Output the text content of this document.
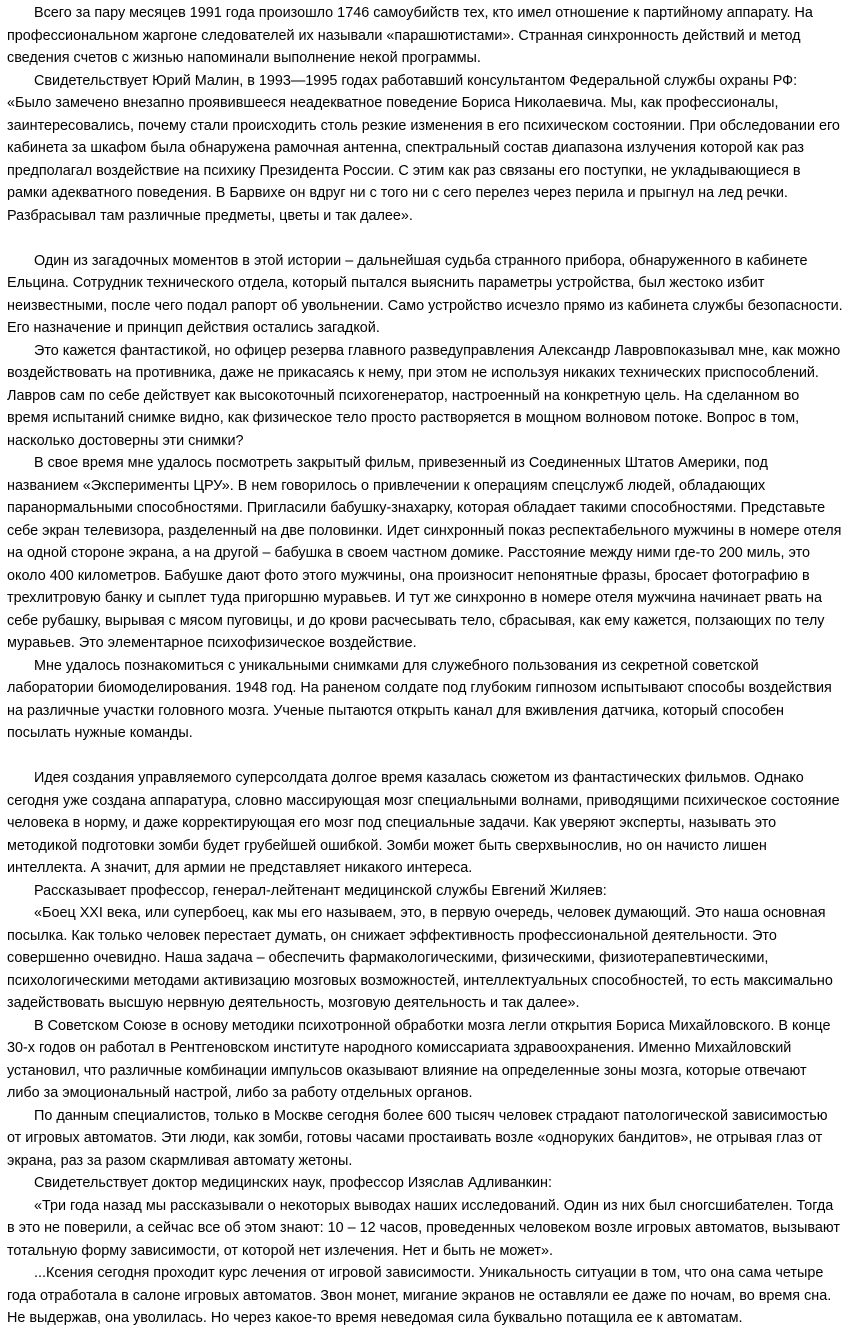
Всего за пару месяцев 1991 года произошло 1746 самоубийств тех, кто имел отношение к партийному аппарату. На профессиональном жаргоне следователей их называли «парашютистами». Странная синхронность действий и метод сведения счетов с жизнью напоминали выполнение некой программы.

Свидетельствует Юрий Малин, в 1993—1995 годах работавший консультантом Федеральной службы охраны РФ: «Было замечено внезапно проявившееся неадекватное поведение Бориса Николаевича. Мы, как профессионалы, заинтересовались, почему стали происходить столь резкие изменения в его психическом состоянии. При обследовании его кабинета за шкафом была обнаружена рамочная антенна, спектральный состав диапазона излучения которой как раз предполагал воздействие на психику Президента России. С этим как раз связаны его поступки, не укладывающиеся в рамки адекватного поведения. В Барвихе он вдруг ни с того ни с сего перелез через перила и прыгнул на лед речки. Разбрасывал там различные предметы, цветы и так далее».

Один из загадочных моментов в этой истории – дальнейшая судьба странного прибора, обнаруженного в кабинете Ельцина. Сотрудник технического отдела, который пытался выяснить параметры устройства, был жестоко избит неизвестными, после чего подал рапорт об увольнении. Само устройство исчезло прямо из кабинета службы безопасности. Его назначение и принцип действия остались загадкой.

Это кажется фантастикой, но офицер резерва главного разведуправления Александр Лавровпоказывал мне, как можно воздействовать на противника, даже не прикасаясь к нему, при этом не используя никаких технических приспособлений. Лавров сам по себе действует как высокоточный психогенератор, настроенный на конкретную цель. На сделанном во время испытаний снимке видно, как физическое тело просто растворяется в мощном волновом потоке. Вопрос в том, насколько достоверны эти снимки?

В свое время мне удалось посмотреть закрытый фильм, привезенный из Соединенных Штатов Америки, под названием «Эксперименты ЦРУ». В нем говорилось о привлечении к операциям спецслужб людей, обладающих паранормальными способностями. Пригласили бабушку-знахарку, которая обладает такими способностями. Представьте себе экран телевизора, разделенный на две половинки. Идет синхронный показ респектабельного мужчины в номере отеля на одной стороне экрана, а на другой – бабушка в своем частном домике. Расстояние между ними где-то 200 миль, это около 400 километров. Бабушке дают фото этого мужчины, она произносит непонятные фразы, бросает фотографию в трехлитровую банку и сыплет туда пригоршню муравьев. И тут же синхронно в номере отеля мужчина начинает рвать на себе рубашку, вырывая с мясом пуговицы, и до крови расчесывать тело, сбрасывая, как ему кажется, ползающих по телу муравьев. Это элементарное психофизическое воздействие.

Мне удалось познакомиться с уникальными снимками для служебного пользования из секретной советской лаборатории биомоделирования. 1948 год. На раненом солдате под глубоким гипнозом испытывают способы воздействия на различные участки головного мозга. Ученые пытаются открыть канал для вживления датчика, который способен посылать нужные команды.

Идея создания управляемого суперсолдата долгое время казалась сюжетом из фантастических фильмов. Однако сегодня уже создана аппаратура, словно массирующая мозг специальными волнами, приводящими психическое состояние человека в норму, и даже корректирующая его мозг под специальные задачи. Как уверяют эксперты, называть это методикой подготовки зомби будет грубейшей ошибкой. Зомби может быть сверхвынослив, но он начисто лишен интеллекта. А значит, для армии не представляет никакого интереса.

Рассказывает профессор, генерал-лейтенант медицинской службы Евгений Жиляев:

«Боец XXI века, или супербоец, как мы его называем, это, в первую очередь, человек думающий. Это наша основная посылка. Как только человек перестает думать, он снижает эффективность профессиональной деятельности. Это совершенно очевидно. Наша задача – обеспечить фармакологическими, физическими, физиотерапевтическими, психологическими методами активизацию мозговых возможностей, интеллектуальных способностей, то есть максимально задействовать высшую нервную деятельность, мозговую деятельность и так далее».

В Советском Союзе в основу методики психотронной обработки мозга легли открытия Бориса Михайловского. В конце 30-х годов он работал в Рентгеновском институте народного комиссариата здравоохранения. Именно Михайловский установил, что различные комбинации импульсов оказывают влияние на определенные зоны мозга, которые отвечают либо за эмоциональный настрой, либо за работу отдельных органов.

По данным специалистов, только в Москве сегодня более 600 тысяч человек страдают патологической зависимостью от игровых автоматов. Эти люди, как зомби, готовы часами простаивать возле «одноруких бандитов», не отрывая глаз от экрана, раз за разом скармливая автомату жетоны.

Свидетельствует доктор медицинских наук, профессор Изяслав Адливанкин:

«Три года назад мы рассказывали о некоторых выводах наших исследований. Один из них был сногсшибателен. Тогда в это не поверили, а сейчас все об этом знают: 10 – 12 часов, проведенных человеком возле игровых автоматов, вызывают тотальную форму зависимости, от которой нет излечения. Нет и быть не может».

...Ксения сегодня проходит курс лечения от игровой зависимости. Уникальность ситуации в том, что она сама четыре года отработала в салоне игровых автоматов. Звон монет, мигание экранов не оставляли ее даже по ночам, во время сна. Не выдержав, она уволилась. Но через какое-то время неведомая сила буквально потащила ее к автоматам.
